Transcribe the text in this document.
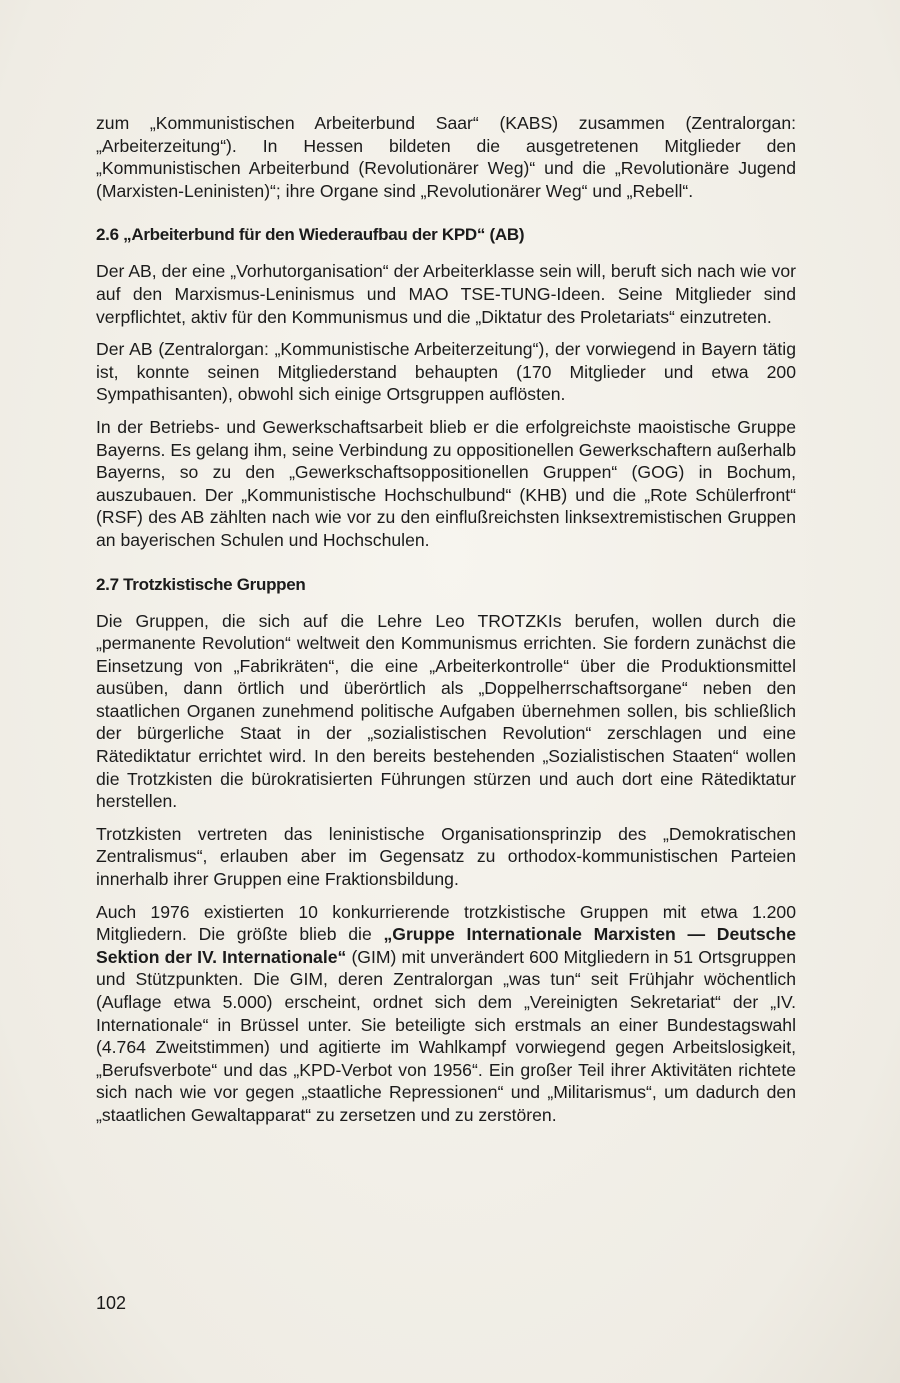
zum „Kommunistischen Arbeiterbund Saar“ (KABS) zusammen (Zentralorgan: „Arbeiterzeitung“). In Hessen bildeten die ausgetretenen Mitglieder den „Kommunistischen Arbeiterbund (Revolutionärer Weg)“ und die „Revolutionäre Jugend (Marxisten-Leninisten)“; ihre Organe sind „Revolutionärer Weg“ und „Rebell“.

2.6 „Arbeiterbund für den Wiederaufbau der KPD“ (AB)

Der AB, der eine „Vorhutorganisation“ der Arbeiterklasse sein will, beruft sich nach wie vor auf den Marxismus-Leninismus und MAO TSE-TUNG-Ideen. Seine Mitglieder sind verpflichtet, aktiv für den Kommunismus und die „Diktatur des Proletariats“ einzutreten.

Der AB (Zentralorgan: „Kommunistische Arbeiterzeitung“), der vorwiegend in Bayern tätig ist, konnte seinen Mitgliederstand behaupten (170 Mitglieder und etwa 200 Sympathisanten), obwohl sich einige Ortsgruppen auflösten.

In der Betriebs- und Gewerkschaftsarbeit blieb er die erfolgreichste maoistische Gruppe Bayerns. Es gelang ihm, seine Verbindung zu oppositionellen Gewerkschaftern außerhalb Bayerns, so zu den „Gewerkschaftsoppositionellen Gruppen“ (GOG) in Bochum, auszubauen. Der „Kommunistische Hochschulbund“ (KHB) und die „Rote Schülerfront“ (RSF) des AB zählten nach wie vor zu den einflußreichsten linksextremistischen Gruppen an bayerischen Schulen und Hochschulen.

2.7 Trotzkistische Gruppen

Die Gruppen, die sich auf die Lehre Leo TROTZKIs berufen, wollen durch die „permanente Revolution“ weltweit den Kommunismus errichten. Sie fordern zunächst die Einsetzung von „Fabrikräten“, die eine „Arbeiterkontrolle“ über die Produktionsmittel ausüben, dann örtlich und überörtlich als „Doppelherrschaftsorgane“ neben den staatlichen Organen zunehmend politische Aufgaben übernehmen sollen, bis schließlich der bürgerliche Staat in der „sozialistischen Revolution“ zerschlagen und eine Rätediktatur errichtet wird. In den bereits bestehenden „Sozialistischen Staaten“ wollen die Trotzkisten die bürokratisierten Führungen stürzen und auch dort eine Rätediktatur herstellen.

Trotzkisten vertreten das leninistische Organisationsprinzip des „Demokratischen Zentralismus“, erlauben aber im Gegensatz zu orthodox-kommunistischen Parteien innerhalb ihrer Gruppen eine Fraktionsbildung.

Auch 1976 existierten 10 konkurrierende trotzkistische Gruppen mit etwa 1.200 Mitgliedern. Die größte blieb die „Gruppe Internationale Marxisten — Deutsche Sektion der IV. Internationale“ (GIM) mit unverändert 600 Mitgliedern in 51 Ortsgruppen und Stützpunkten. Die GIM, deren Zentralorgan „was tun“ seit Frühjahr wöchentlich (Auflage etwa 5.000) erscheint, ordnet sich dem „Vereinigten Sekretariat“ der „IV. Internationale“ in Brüssel unter. Sie beteiligte sich erstmals an einer Bundestagswahl (4.764 Zweitstimmen) und agitierte im Wahlkampf vorwiegend gegen Arbeitslosigkeit, „Berufsverbote“ und das „KPD-Verbot von 1956“. Ein großer Teil ihrer Aktivitäten richtete sich nach wie vor gegen „staatliche Repressionen“ und „Militarismus“, um dadurch den „staatlichen Gewaltapparat“ zu zersetzen und zu zerstören.

102
